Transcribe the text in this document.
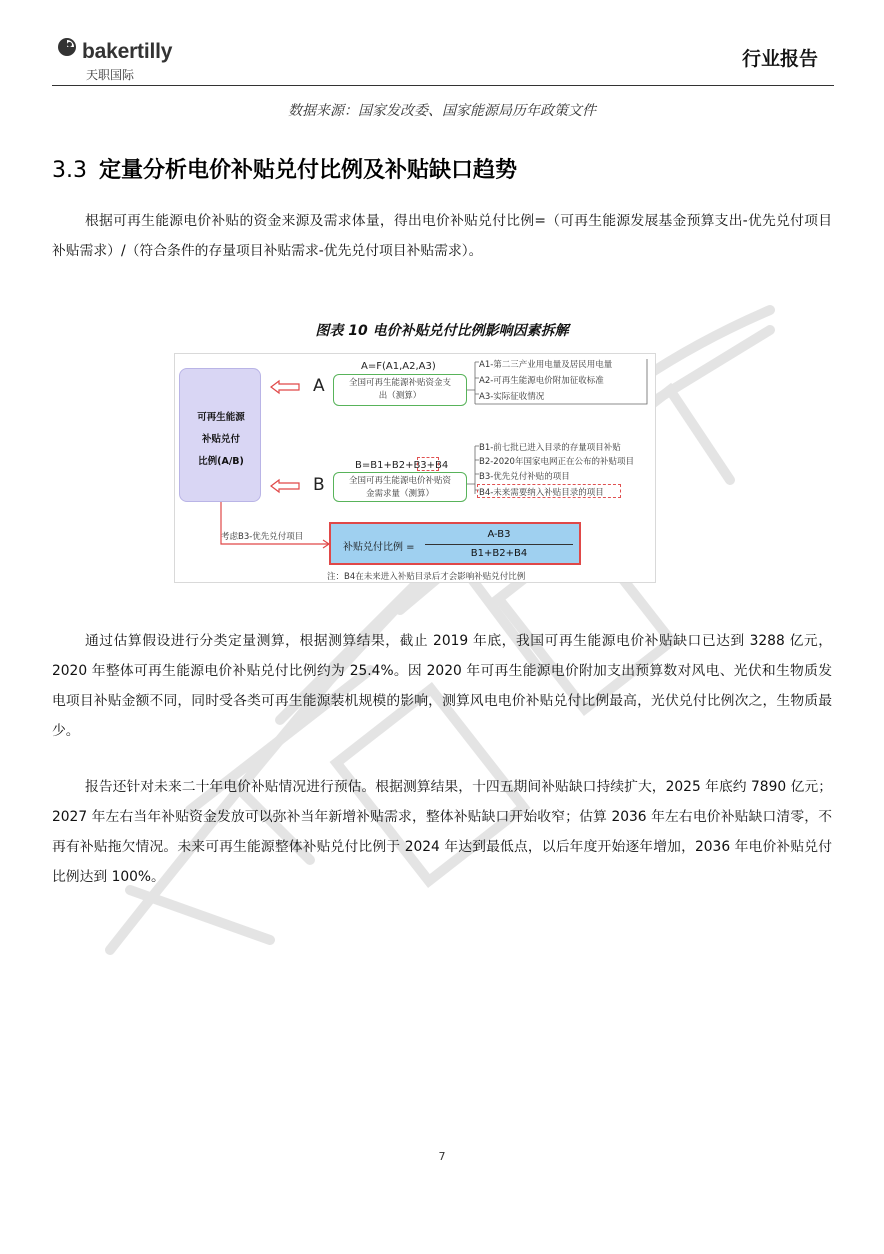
bakertilly
天职国际
行业报告
数据来源：国家发改委、国家能源局历年政策文件
3.3 定量分析电价补贴兑付比例及补贴缺口趋势

根据可再生能源电价补贴的资金来源及需求体量，得出电价补贴兑付比例=（可再生能源发展基金预算支出-优先兑付项目补贴需求）/（符合条件的存量项目补贴需求-优先兑付项目补贴需求）。

图表 10 电价补贴兑付比例影响因素拆解
可再生能源
补贴兑付
比例(A/B)
A
B
A=F(A1,A2,A3)
全国可再生能源补贴资金支
出（测算）
A1-第二三产业用电量及居民用电量
A2-可再生能源电价附加征收标准
A3-实际征收情况
B=B1+B2+B3+B4
全国可再生能源电价补贴资
金需求量（测算）
B1-前七批已进入目录的存量项目补贴
B2-2020年国家电网正在公布的补贴项目
B3-优先兑付补贴的项目
B4-未来需要纳入补贴目录的项目
考虑B3-优先兑付项目
补贴兑付比例 =
A-B3
B1+B2+B4
注：B4在未来进入补贴目录后才会影响补贴兑付比例

通过估算假设进行分类定量测算，根据测算结果，截止 2019 年底，我国可再生能源电价补贴缺口已达到 3288 亿元，2020 年整体可再生能源电价补贴兑付比例约为 25.4%。因 2020 年可再生能源电价附加支出预算数对风电、光伏和生物质发电项目补贴金额不同，同时受各类可再生能源装机规模的影响，测算风电电价补贴兑付比例最高，光伏兑付比例次之，生物质最少。

报告还针对未来二十年电价补贴情况进行预估。根据测算结果，十四五期间补贴缺口持续扩大，2025 年底约 7890 亿元；2027 年左右当年补贴资金发放可以弥补当年新增补贴需求，整体补贴缺口开始收窄；估算 2036 年左右电价补贴缺口清零，不再有补贴拖欠情况。未来可再生能源整体补贴兑付比例于 2024 年达到最低点，以后年度开始逐年增加，2036 年电价补贴兑付比例达到 100%。

7
